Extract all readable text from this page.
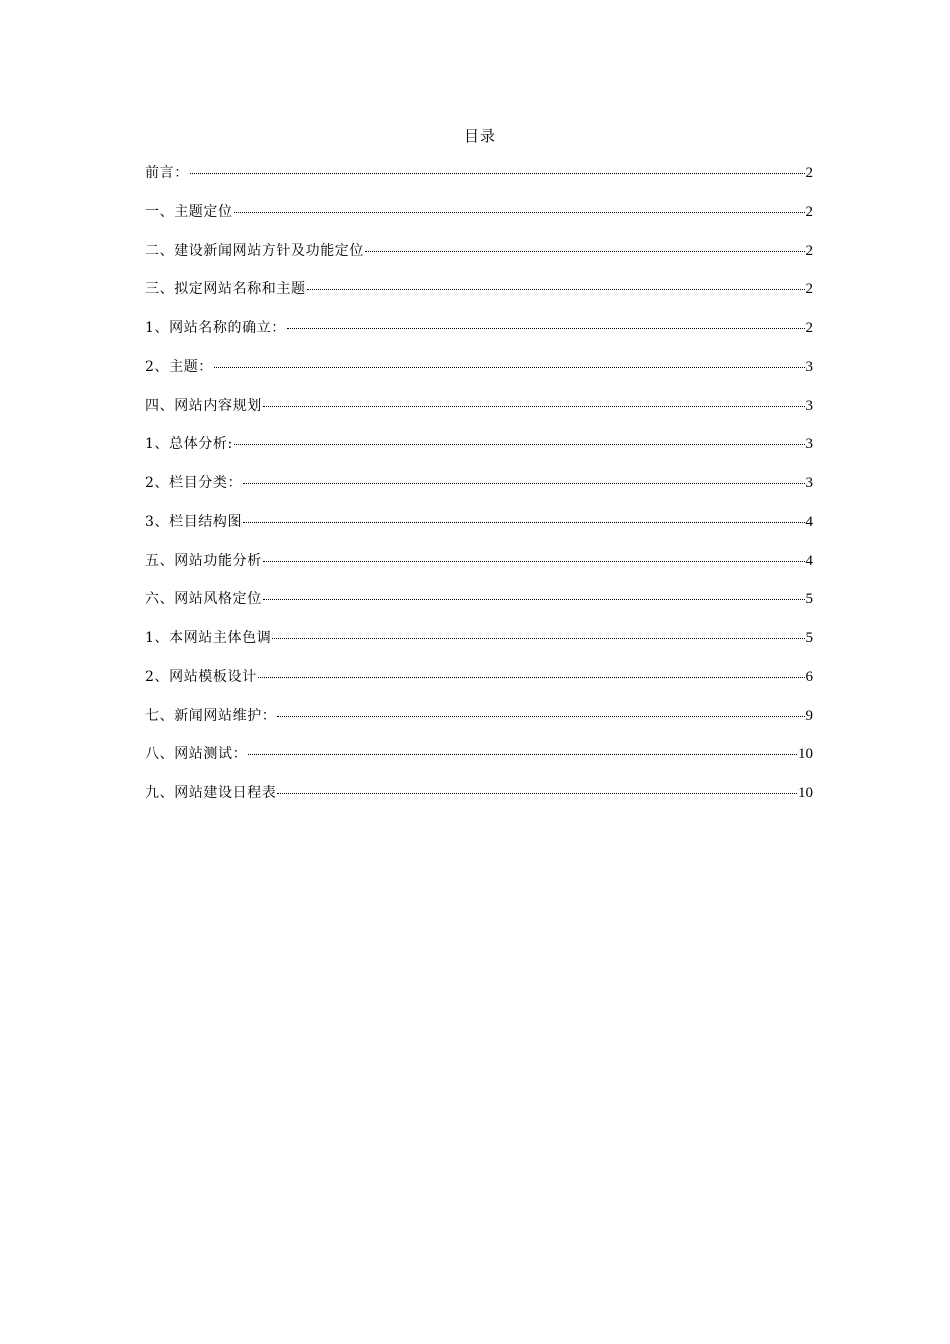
目录
前言：	2
一、主题定位	2
二、建设新闻网站方针及功能定位	2
三、拟定网站名称和主题	2
1、网站名称的确立：	2
2、主题：	3
四、网站内容规划	3
1、总体分析:	3
2、栏目分类：	3
3、栏目结构图	4
五、网站功能分析	4
六、网站风格定位	5
1、本网站主体色调	5
2、网站模板设计	6
七、新闻网站维护：	9
八、网站测试：	10
九、网站建设日程表	10
